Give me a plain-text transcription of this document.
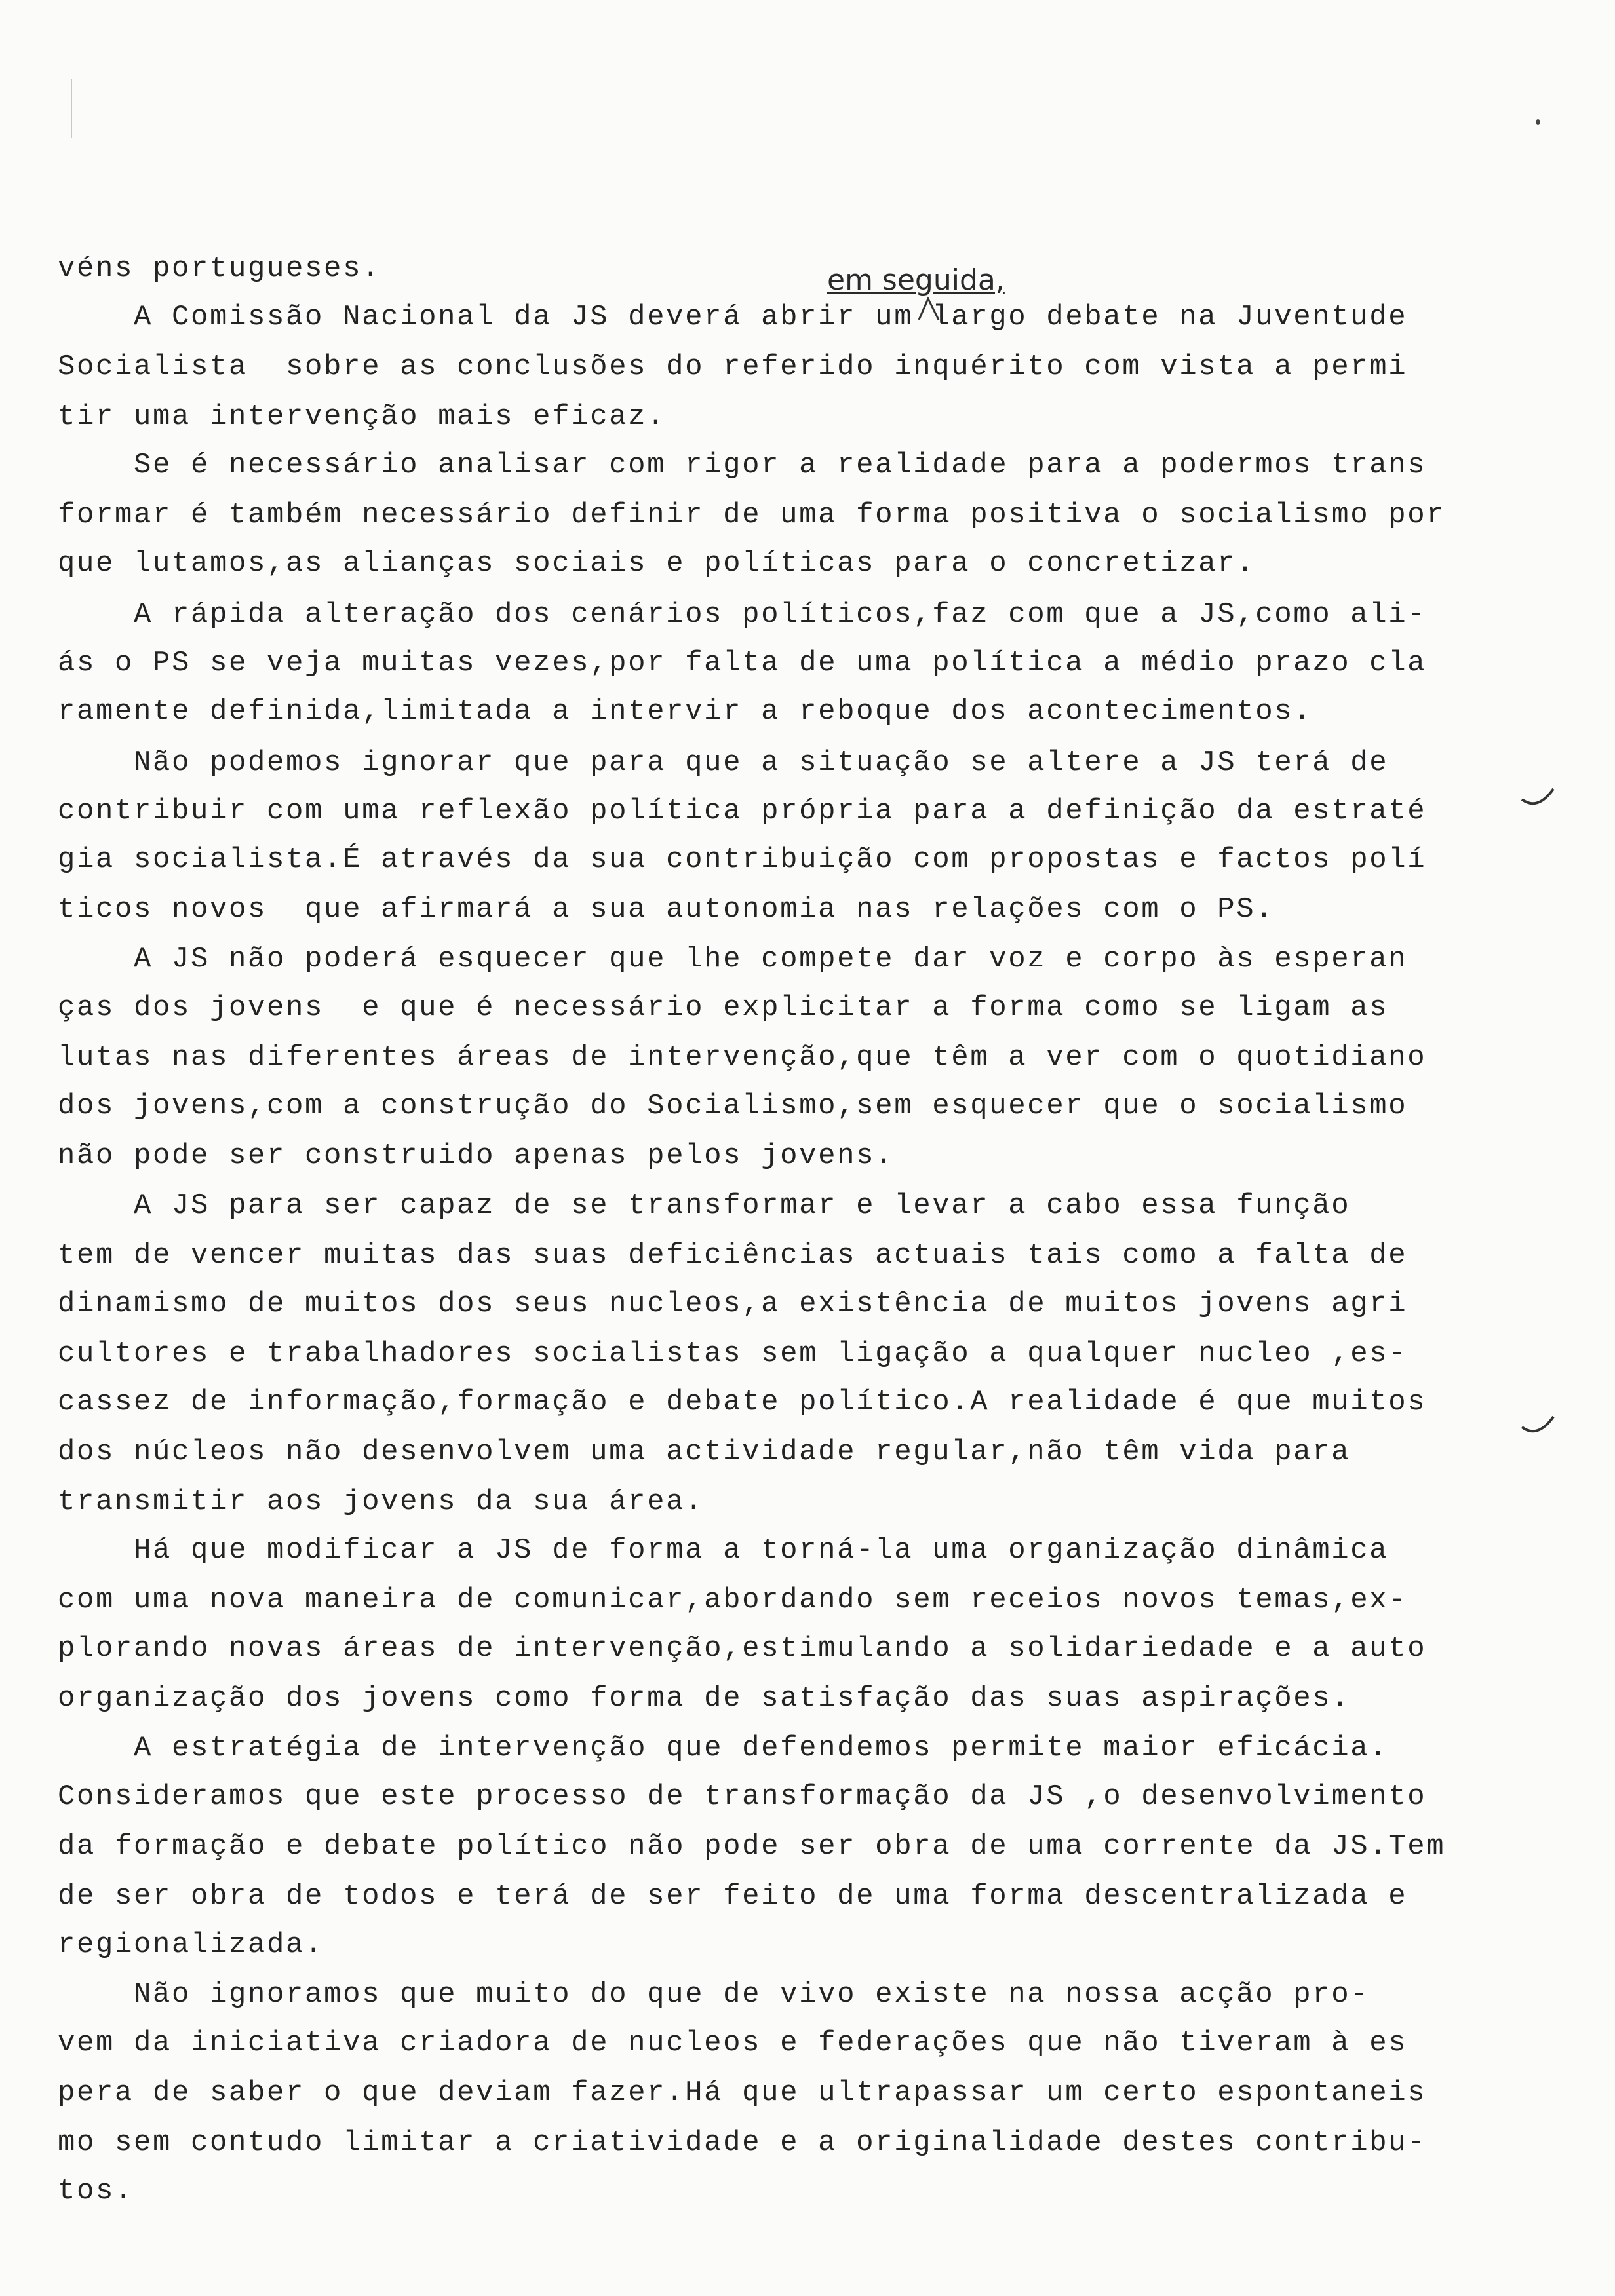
em seguida,
véns portugueses.
A Comissão Nacional da JS deverá abrir um largo debate na Juventude
Socialista  sobre as conclusões do referido inquérito com vista a permi
tir uma intervenção mais eficaz.
Se é necessário analisar com rigor a realidade para a podermos trans
formar é também necessário definir de uma forma positiva o socialismo por
que lutamos,as alianças sociais e políticas para o concretizar.
A rápida alteração dos cenários políticos,faz com que a JS,como ali-
ás o PS se veja muitas vezes,por falta de uma política a médio prazo cla
ramente definida,limitada a intervir a reboque dos acontecimentos.
Não podemos ignorar que para que a situação se altere a JS terá de
contribuir com uma reflexão política própria para a definição da estraté
gia socialista.É através da sua contribuição com propostas e factos polí
ticos novos  que afirmará a sua autonomia nas relações com o PS.
A JS não poderá esquecer que lhe compete dar voz e corpo às esperan
ças dos jovens  e que é necessário explicitar a forma como se ligam as
lutas nas diferentes áreas de intervenção,que têm a ver com o quotidiano
dos jovens,com a construção do Socialismo,sem esquecer que o socialismo
não pode ser construido apenas pelos jovens.
A JS para ser capaz de se transformar e levar a cabo essa função
tem de vencer muitas das suas deficiências actuais tais como a falta de
dinamismo de muitos dos seus nucleos,a existência de muitos jovens agri
cultores e trabalhadores socialistas sem ligação a qualquer nucleo ,es-
cassez de informação,formação e debate político.A realidade é que muitos
dos núcleos não desenvolvem uma actividade regular,não têm vida para
transmitir aos jovens da sua área.
Há que modificar a JS de forma a torná-la uma organização dinâmica
com uma nova maneira de comunicar,abordando sem receios novos temas,ex-
plorando novas áreas de intervenção,estimulando a solidariedade e a auto
organização dos jovens como forma de satisfação das suas aspirações.
A estratégia de intervenção que defendemos permite maior eficácia.
Consideramos que este processo de transformação da JS ,o desenvolvimento
da formação e debate político não pode ser obra de uma corrente da JS.Tem
de ser obra de todos e terá de ser feito de uma forma descentralizada e
regionalizada.
Não ignoramos que muito do que de vivo existe na nossa acção pro-
vem da iniciativa criadora de nucleos e federações que não tiveram à es
pera de saber o que deviam fazer.Há que ultrapassar um certo espontaneis
mo sem contudo limitar a criatividade e a originalidade destes contribu-
tos.
